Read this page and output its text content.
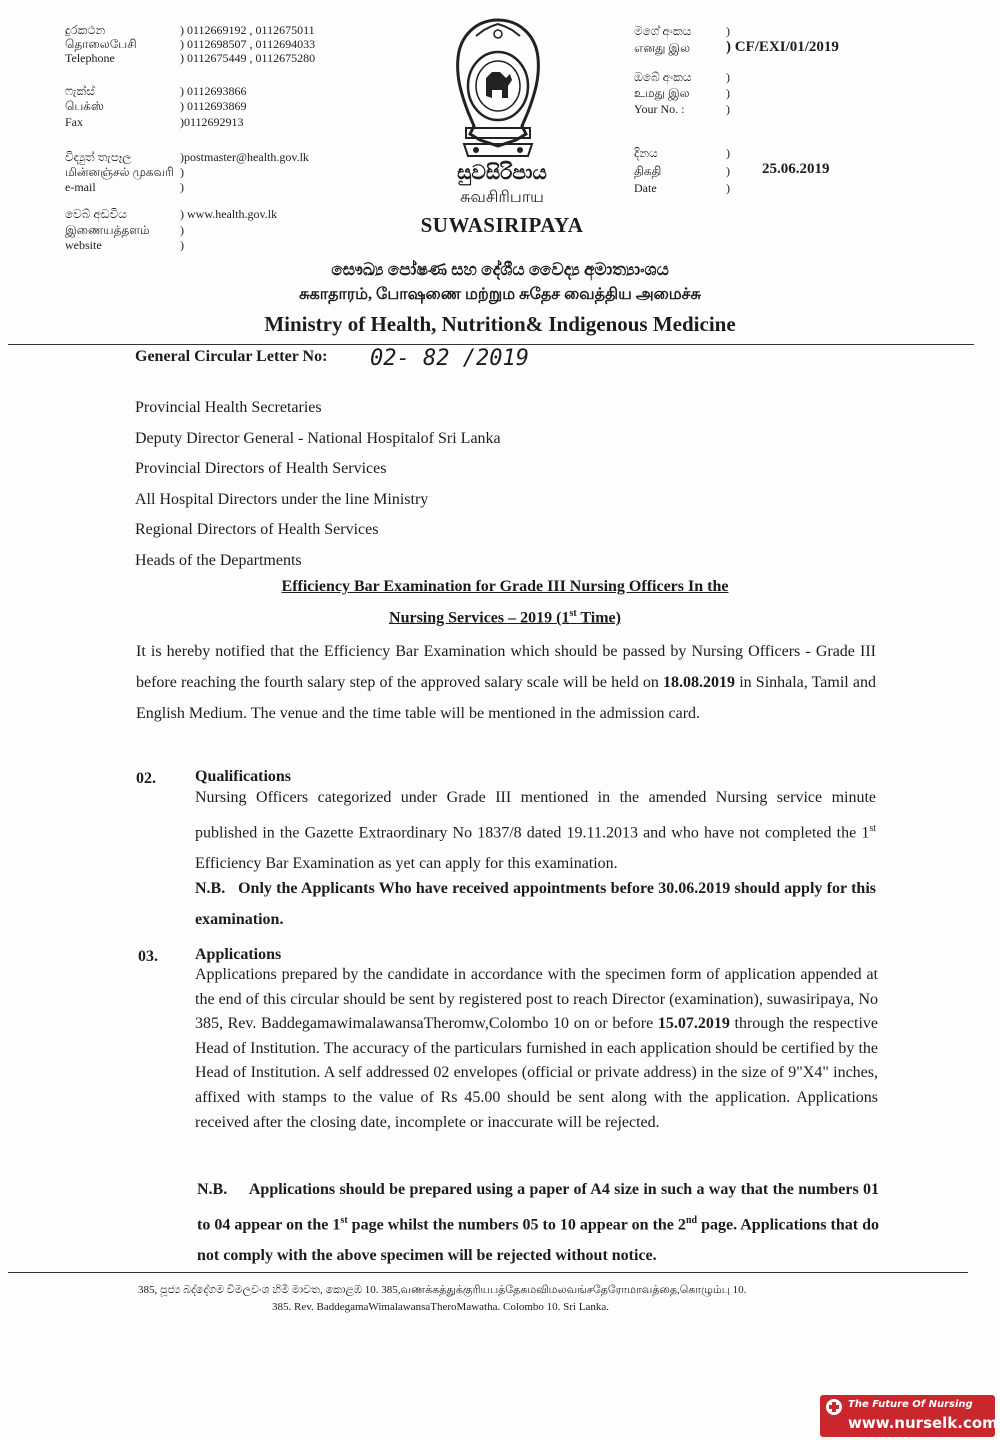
දුරකථන
தொலைபேசி
Telephone
) 0112669192 , 0112675011
) 0112698507 , 0112694033
) 0112675449 , 0112675280
ෆැක්ස්
பெக்ஸ்
Fax
) 0112693866
) 0112693869
)0112692913
විද්‍යුත් තැපෑල
மின்னஞ்சல் முகவரி
e-mail
)postmaster@health.gov.lk
)
)
වෙබ් අඩවිය
இணையத்தளம்
website
) www.health.gov.lk
)
)
සුවසිරිපාය
சுவசிரிபாய
SUWASIRIPAYA
මගේ අංකය
எனது இல
)
) CF/EXI/01/2019
ඔබේ අංකය
உமது இல
Your No. :
)
)
)
දිනය
திகதி
Date
)
)
)
25.06.2019
සෞඛ්‍ය පෝෂණ සහ දේශීය වෛද්‍ය අමාත්‍යාංශය
சுகாதாரம், போஷணை மற்றும சுதேச வைத்திய அமைச்சு
Ministry of Health, Nutrition& Indigenous Medicine
General Circular Letter No: 02- 82 /2019
Provincial Health Secretaries
Deputy Director General - National Hospitalof Sri Lanka
Provincial Directors of Health Services
All Hospital Directors under the line Ministry
Regional Directors of Health Services
Heads of the Departments
Efficiency Bar Examination for Grade III Nursing Officers In the
Nursing Services – 2019 (1st Time)
It is hereby notified that the Efficiency Bar Examination which should be passed by Nursing Officers - Grade III before reaching the fourth salary step of the approved salary scale will be held on 18.08.2019 in Sinhala, Tamil and English Medium. The venue and the time table will be mentioned in the admission card.
02. Qualifications
Nursing Officers categorized under Grade III mentioned in the amended Nursing service minute published in the Gazette Extraordinary No 1837/8 dated 19.11.2013 and who have not completed the 1st Efficiency Bar Examination as yet can apply for this examination.
N.B. Only the Applicants Who have received appointments before 30.06.2019 should apply for this examination.
03. Applications
Applications prepared by the candidate in accordance with the specimen form of application appended at the end of this circular should be sent by registered post to reach Director (examination), suwasiripaya, No 385, Rev. BaddegamawimalawansaTheromw,Colombo 10 on or before 15.07.2019 through the respective Head of Institution. The accuracy of the particulars furnished in each application should be certified by the Head of Institution. A self addressed 02 envelopes (official or private address) in the size of 9"X4" inches, affixed with stamps to the value of Rs 45.00 should be sent along with the application. Applications received after the closing date, incomplete or inaccurate will be rejected.
N.B. Applications should be prepared using a paper of A4 size in such a way that the numbers 01 to 04 appear on the 1st page whilst the numbers 05 to 10 appear on the 2nd page. Applications that do not comply with the above specimen will be rejected without notice.
385, පූජ්‍ය බද්දේගම විමලවංශ හිමි මාවත, කොළඹ 10. 385,வணக்கத்துக்குரியபத்தேகமவிமலவங்சதேரோமாவத்தை,கொழும்பு 10.
385. Rev. BaddegamaWimalawansaTheroMawatha. Colombo 10. Sri Lanka.
The Future Of Nursing
www.nurselk.com
